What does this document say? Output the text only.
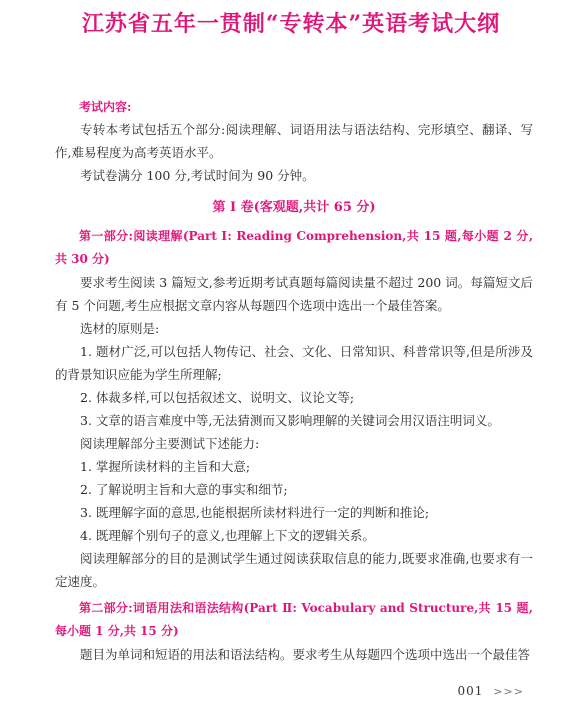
江苏省五年一贯制“专转本”英语考试大纲

考试内容:

专转本考试包括五个部分:阅读理解、词语用法与语法结构、完形填空、翻译、写作,难易程度为高考英语水平。

考试卷满分 100 分,考试时间为 90 分钟。

第 I 卷(客观题,共计 65 分)

第一部分:阅读理解(Part Ⅰ: Reading Comprehension,共 15 题,每小题 2 分,共 30 分)

要求考生阅读 3 篇短文,参考近期考试真题每篇阅读量不超过 200 词。每篇短文后有 5 个问题,考生应根据文章内容从每题四个选项中选出一个最佳答案。

选材的原则是:

1. 题材广泛,可以包括人物传记、社会、文化、日常知识、科普常识等,但是所涉及的背景知识应能为学生所理解;

2. 体裁多样,可以包括叙述文、说明文、议论文等;

3. 文章的语言难度中等,无法猜测而又影响理解的关键词会用汉语注明词义。

阅读理解部分主要测试下述能力:

1. 掌握所读材料的主旨和大意;

2. 了解说明主旨和大意的事实和细节;

3. 既理解字面的意思,也能根据所读材料进行一定的判断和推论;

4. 既理解个别句子的意义,也理解上下文的逻辑关系。

阅读理解部分的目的是测试学生通过阅读获取信息的能力,既要求准确,也要求有一定速度。

第二部分:词语用法和语法结构(Part Ⅱ: Vocabulary and Structure,共 15 题,每小题 1 分,共 15 分)

题目为单词和短语的用法和语法结构。要求考生从每题四个选项中选出一个最佳答

001 >>>
